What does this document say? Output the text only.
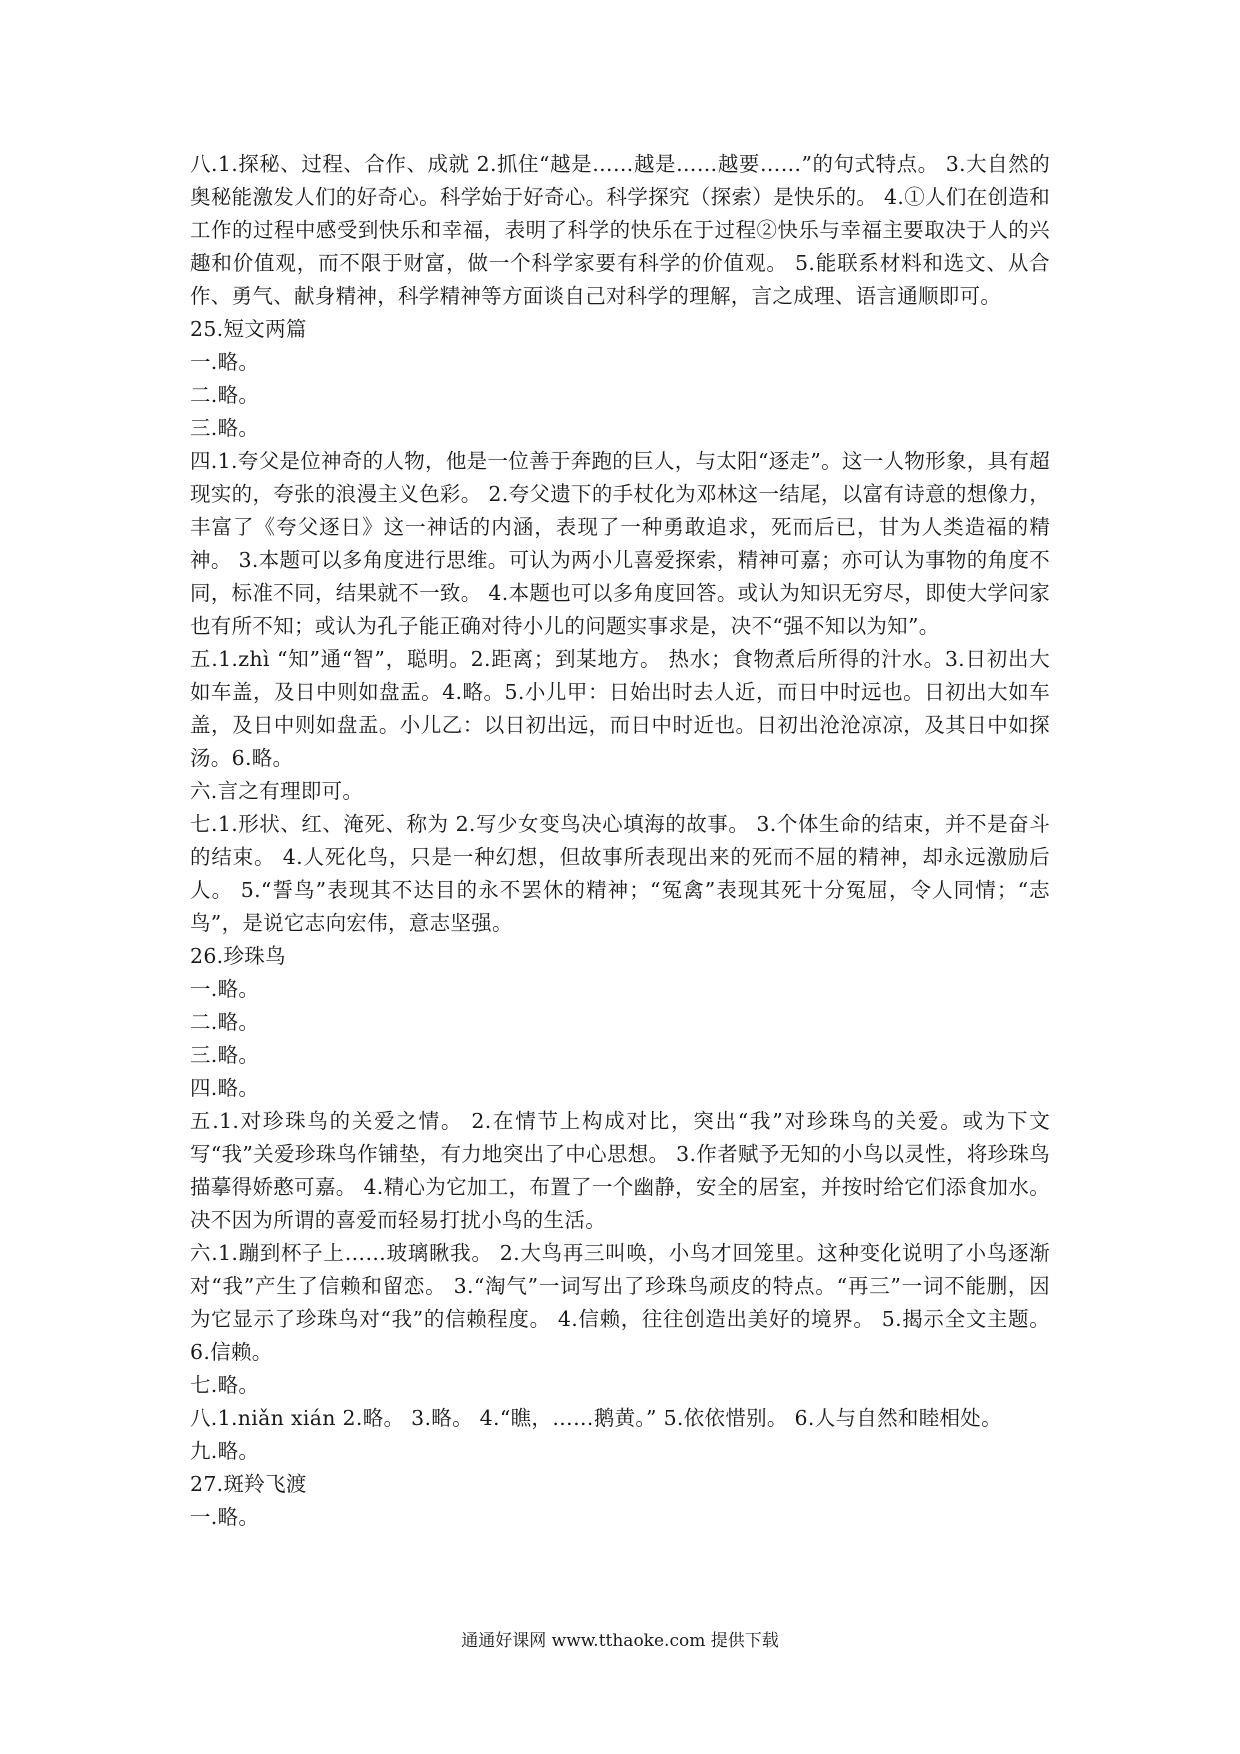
八.1.探秘、过程、合作、成就 2.抓住“越是……越是……越要……”的句式特点。 3.大自然的奥秘能激发人们的好奇心。科学始于好奇心。科学探究（探索）是快乐的。 4.①人们在创造和工作的过程中感受到快乐和幸福，表明了科学的快乐在于过程②快乐与幸福主要取决于人的兴趣和价值观，而不限于财富，做一个科学家要有科学的价值观。 5.能联系材料和选文、从合作、勇气、献身精神，科学精神等方面谈自己对科学的理解，言之成理、语言通顺即可。

25.短文两篇

一.略。

二.略。

三.略。

四.1.夸父是位神奇的人物，他是一位善于奔跑的巨人，与太阳“逐走”。这一人物形象，具有超现实的，夸张的浪漫主义色彩。 2.夸父遗下的手杖化为邓林这一结尾，以富有诗意的想像力，丰富了《夸父逐日》这一神话的内涵，表现了一种勇敢追求，死而后已，甘为人类造福的精神。 3.本题可以多角度进行思维。可认为两小儿喜爱探索，精神可嘉；亦可认为事物的角度不同，标准不同，结果就不一致。 4.本题也可以多角度回答。或认为知识无穷尽，即使大学问家也有所不知；或认为孔子能正确对待小儿的问题实事求是，决不“强不知以为知”。

五.1.zhì “知”通“智”，聪明。2.距离；到某地方。 热水；食物煮后所得的汁水。3.日初出大如车盖，及日中则如盘盂。4.略。5.小儿甲：日始出时去人近，而日中时远也。日初出大如车盖，及日中则如盘盂。小儿乙：以日初出远，而日中时近也。日初出沧沧凉凉，及其日中如探汤。6.略。

六.言之有理即可。

七.1.形状、红、淹死、称为 2.写少女变鸟决心填海的故事。 3.个体生命的结束，并不是奋斗的结束。 4.人死化鸟，只是一种幻想，但故事所表现出来的死而不屈的精神，却永远激励后人。 5.“誓鸟”表现其不达目的永不罢休的精神；“冤禽”表现其死十分冤屈，令人同情；“志鸟”，是说它志向宏伟，意志坚强。

26.珍珠鸟

一.略。

二.略。

三.略。

四.略。

五.1.对珍珠鸟的关爱之情。 2.在情节上构成对比，突出“我”对珍珠鸟的关爱。或为下文写“我”关爱珍珠鸟作铺垫，有力地突出了中心思想。 3.作者赋予无知的小鸟以灵性，将珍珠鸟描摹得娇憨可嘉。 4.精心为它加工，布置了一个幽静，安全的居室，并按时给它们添食加水。决不因为所谓的喜爱而轻易打扰小鸟的生活。

六.1.蹦到杯子上……玻璃瞅我。 2.大鸟再三叫唤，小鸟才回笼里。这种变化说明了小鸟逐渐对“我”产生了信赖和留恋。 3.“淘气”一词写出了珍珠鸟顽皮的特点。“再三”一词不能删，因为它显示了珍珠鸟对“我”的信赖程度。 4.信赖，往往创造出美好的境界。 5.揭示全文主题。 6.信赖。

七.略。

八.1.niǎn xián 2.略。 3.略。 4.“瞧，……鹅黄。” 5.依依惜别。 6.人与自然和睦相处。

九.略。

27.斑羚飞渡

一.略。

通通好课网 www.tthaoke.com 提供下载
